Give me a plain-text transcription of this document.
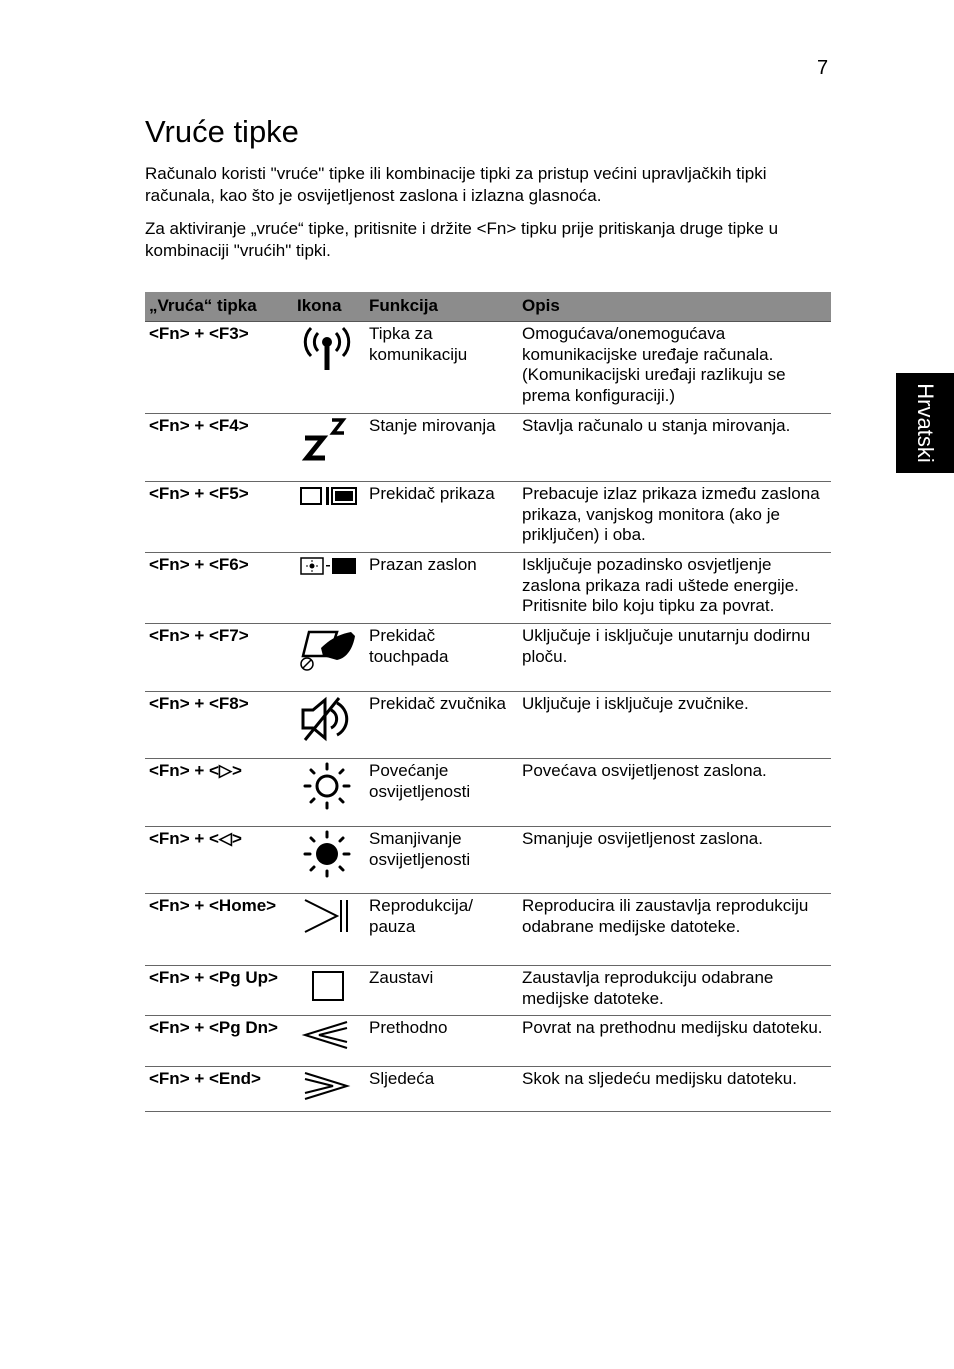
7
Vruće tipke

Računalo koristi "vruće" tipke ili kombinacije tipki za pristup većini upravljačkih tipki računala, kao što je osvijetljenost zaslona i izlazna glasnoća.

Za aktiviranje „vruće“ tipke, pritisnite i držite <Fn> tipku prije pritiskanja druge tipke u kombinaciji "vrućih" tipki.

Hrvatski
„Vruća“ tipka	Ikona	Funkcija	Opis
<Fn> + <F3>		Tipka za komunikaciju	Omogućava/onemogućava komunikacijske uređaje računala. (Komunikacijski uređaji razlikuju se prema konfiguraciji.)
<Fn> + <F4>		Stanje mirovanja	Stavlja računalo u stanja mirovanja.
<Fn> + <F5>		Prekidač prikaza	Prebacuje izlaz prikaza između zaslona prikaza, vanjskog monitora (ako je priključen) i oba.
<Fn> + <F6>		Prazan zaslon	Isključuje pozadinsko osvjetljenje zaslona prikaza radi uštede energije. Pritisnite bilo koju tipku za povrat.
<Fn> + <F7>		Prekidač touchpada	Uključuje i isključuje unutarnju dodirnu ploču.
<Fn> + <F8>		Prekidač zvučnika	Uključuje i isključuje zvučnike.
<Fn> + <▷>		Povećanje osvijetljenosti	Povećava osvijetljenost zaslona.
<Fn> + <◁>		Smanjivanje osvijetljenosti	Smanjuje osvijetljenost zaslona.
<Fn> + <Home>		Reprodukcija/ pauza	Reproducira ili zaustavlja reprodukciju odabrane medijske datoteke.
<Fn> + <Pg Up>		Zaustavi	Zaustavlja reprodukciju odabrane medijske datoteke.
<Fn> + <Pg Dn>		Prethodno	Povrat na prethodnu medijsku datoteku.
<Fn> + <End>		Sljedeća	Skok na sljedeću medijsku datoteku.
